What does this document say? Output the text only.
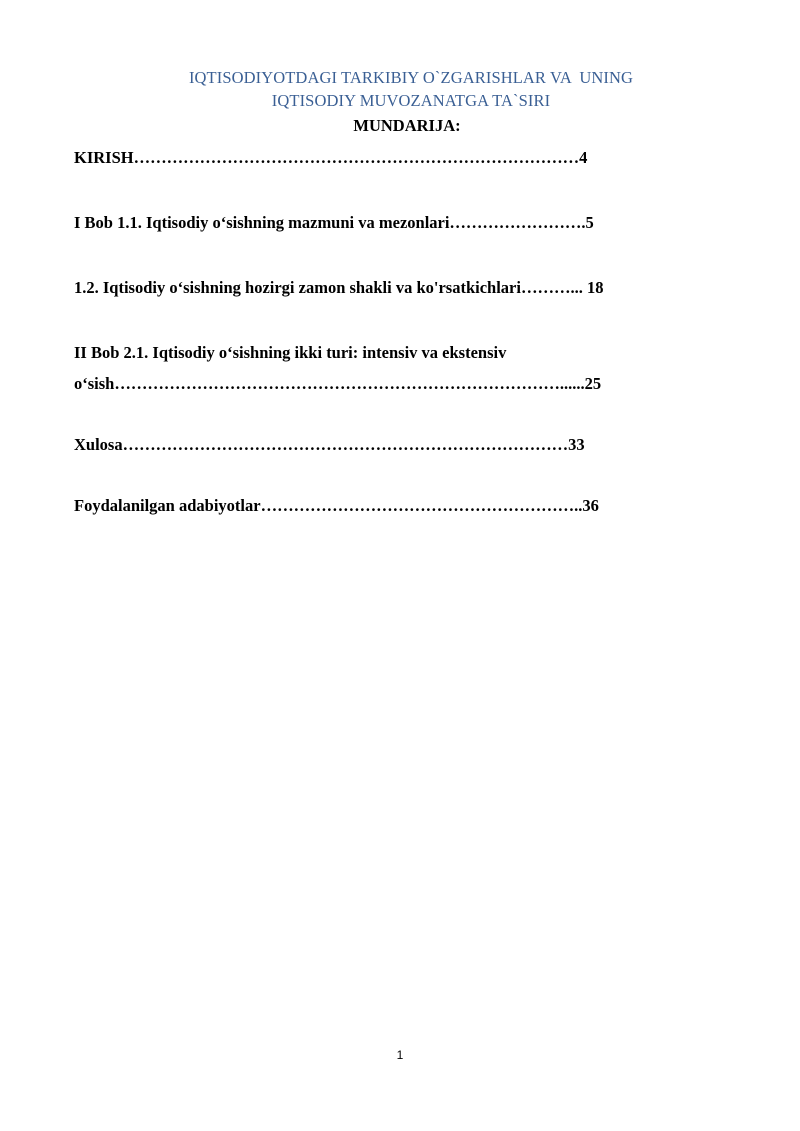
IQTISODIYOTDAGI TARKIBIY O`ZGARISHLAR VA  UNING
IQTISODIY MUVOZANATGA TA`SIRI
MUNDARIJA:
KIRISH………………………………………………………………………4
I Bob 1.1. Iqtisodiy o‘sishning mazmuni va mezonlari…………………….5
1.2. Iqtisodiy o‘sishning hozirgi zamon shakli va ko'rsatkichlari………... 18
II Bob 2.1. Iqtisodiy o‘sishning ikki turi: intensiv va ekstensiv
o‘sish………………………………………………………………………......25
Xulosa………………………………………………………………………33
Foydalanilgan adabiyotlar…………………………………………………..36
1
